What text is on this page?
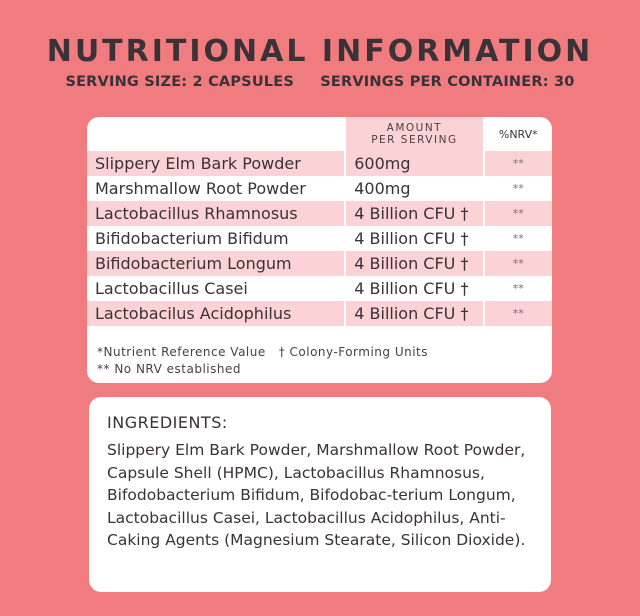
NUTRITIONAL INFORMATION
SERVING SIZE: 2 CAPSULES     SERVINGS PER CONTAINER: 30

	AMOUNT
PER SERVING	%NRV*
Slippery Elm Bark Powder	600mg	**
Marshmallow Root Powder	400mg	**
Lactobacillus Rhamnosus	4 Billion CFU †	**
Bifidobacterium Bifidum	4 Billion CFU †	**
Bifidobacterium Longum	4 Billion CFU †	**
Lactobacillus Casei	4 Billion CFU †	**
Lactobacilus Acidophilus	4 Billion CFU †	**
*Nutrient Reference Value   † Colony-Forming Units
** No NRV established
INGREDIENTS:
Slippery Elm Bark Powder, Marshmallow Root Powder, Capsule Shell (HPMC), Lactobacillus Rhamnosus, Bifodobacterium Bifidum, Bifodobac-terium Longum, Lactobacillus Casei, Lactobacillus Acidophilus, Anti-Caking Agents (Magnesium Stearate, Silicon Dioxide).
